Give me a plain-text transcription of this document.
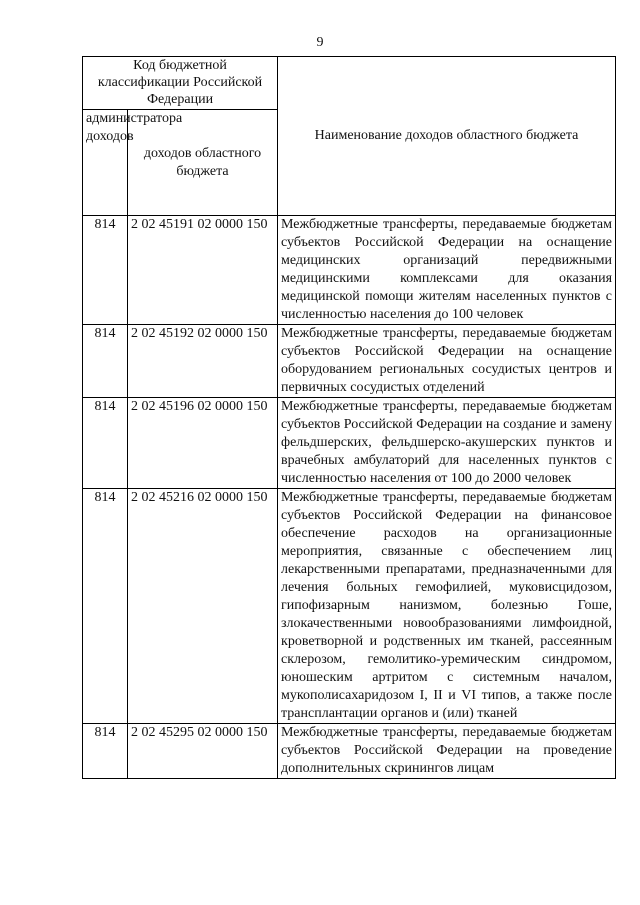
9
Код бюджетной классификации Российской Федерации		Наименование доходов областного бюджета
администратора доходов	доходов областного бюджета	
814	2 02 45191 02 0000 150	Межбюджетные трансферты, передаваемые бюджетам субъектов Российской Федерации на оснащение медицинских организаций передвижными медицинскими комплексами для оказания медицинской помощи жителям населенных пунктов с численностью населения до 100 человек

814	2 02 45192 02 0000 150	Межбюджетные трансферты, передаваемые бюджетам субъектов Российской Федерации на оснащение оборудованием региональных сосудистых центров и первичных сосудистых отделений

814	2 02 45196 02 0000 150	Межбюджетные трансферты, передаваемые бюджетам субъектов Российской Федерации на создание и замену фельдшерских, фельдшерско-акушерских пунктов и врачебных амбулаторий для населенных пунктов с численностью населения от 100 до 2000 человек

814	2 02 45216 02 0000 150	Межбюджетные трансферты, передаваемые бюджетам субъектов Российской Федерации на финансовое обеспечение расходов на организационные мероприятия, связанные с обеспечением лиц лекарственными препаратами, предназначенными для лечения больных гемофилией, муковисцидозом, гипофизарным нанизмом, болезнью Гоше, злокачественными новообразованиями лимфоидной, кроветворной и родственных им тканей, рассеянным склерозом, гемолитико-уремическим синдромом, юношеским артритом с системным началом, мукополисахаридозом I, II и VI типов, а также после трансплантации органов и (или) тканей

814	2 02 45295 02 0000 150	Межбюджетные трансферты, передаваемые бюджетам субъектов Российской Федерации на проведение дополнительных скринингов лицам
